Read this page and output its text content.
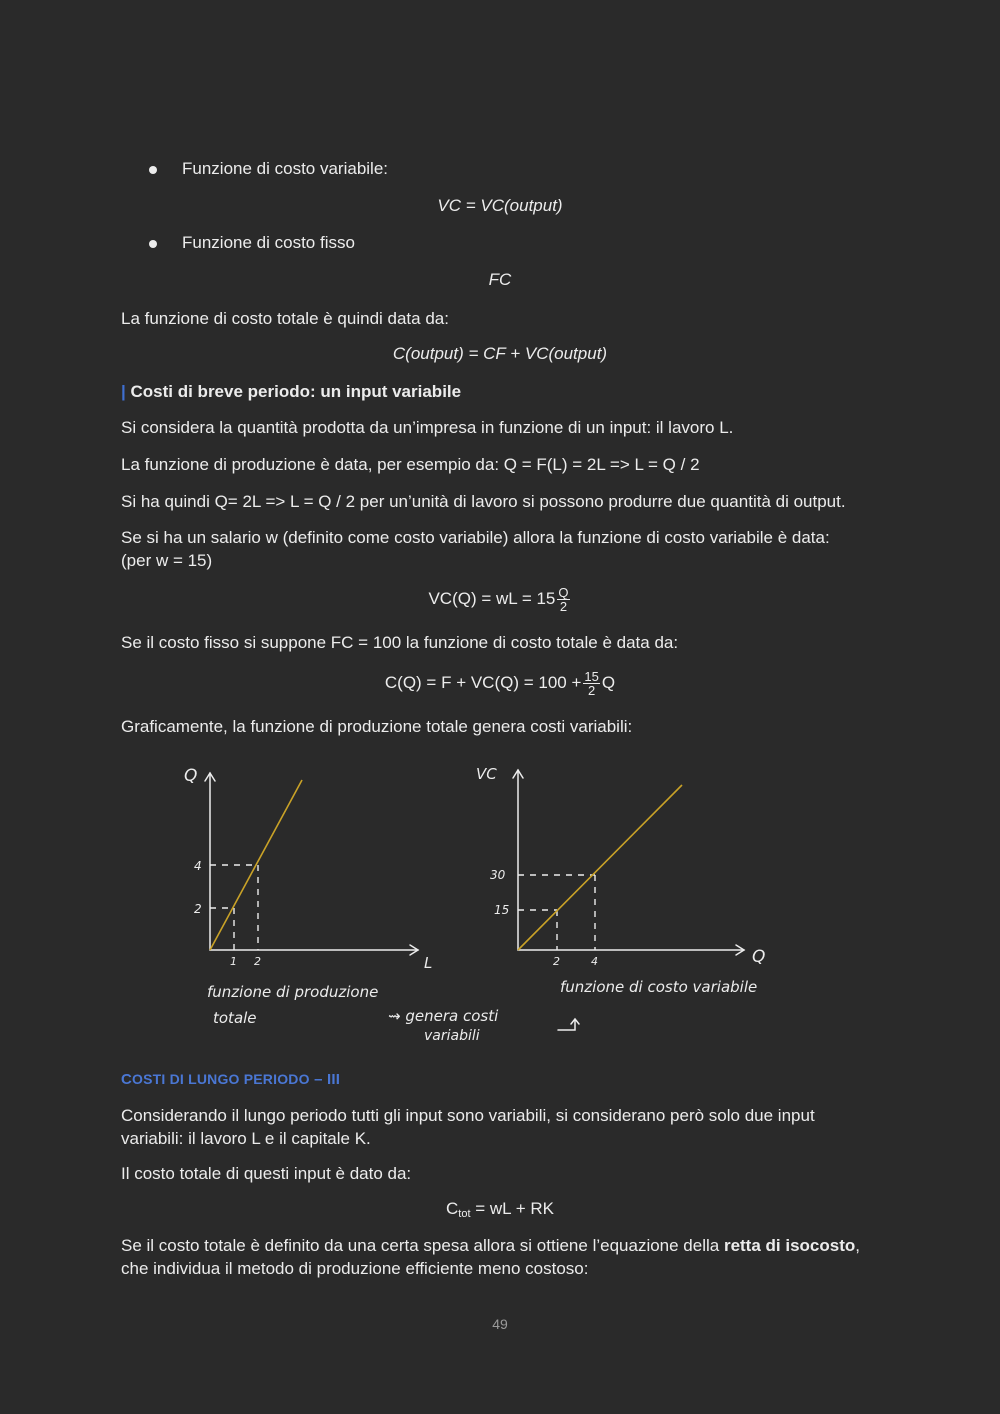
Funzione di costo variabile:
VC = VC(output)
Funzione di costo fisso
FC
La funzione di costo totale è quindi data da:
C(output) = CF + VC(output)
| Costi di breve periodo: un input variabile
Si considera la quantità prodotta da un’impresa in funzione di un input: il lavoro L.
La funzione di produzione è data, per esempio da: Q = F(L) = 2L => L = Q / 2
Si ha quindi Q= 2L => L = Q / 2 per un’unità di lavoro si possono produrre due quantità di output.
Se si ha un salario w (definito come costo variabile) allora la funzione di costo variabile è data: (per w = 15)
VC(Q) = wL = $15 \frac{Q}{2}$
Se il costo fisso si suppone FC = 100 la funzione di costo totale è data da:
$C(Q) = F + VC(Q) = 100 + \frac{15}{2}$ Q
Graficamente, la funzione di produzione totale genera costi variabili:
Q
L
4
2
1 2
funzione di produzione
totale
VC
Q
30
15
2	4
funzione di costo variabile
⇝ genera costi
variabili
COSTI DI LUNGO PERIODO – III
Considerando il lungo periodo tutti gli input sono variabili, si considerano però solo due input variabili: il lavoro L e il capitale K.
Il costo totale di questi input è dato da:
$C_{tot}$ = wL + RK
Se il costo totale è definito da una certa spesa allora si ottiene l’equazione della retta di isocosto, che individua il metodo di produzione efficiente meno costoso:
49
